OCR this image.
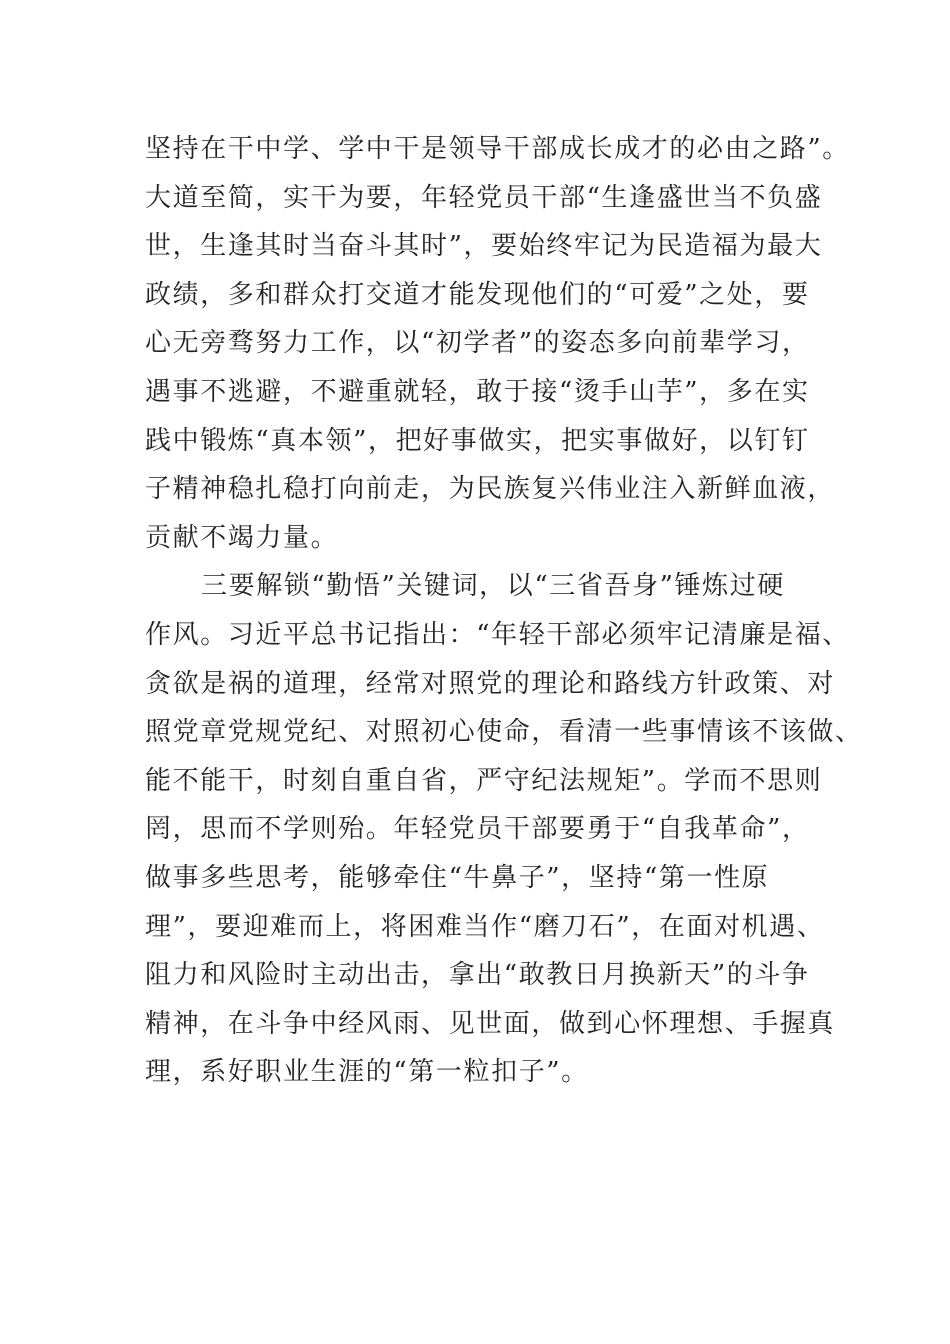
坚持在干中学、学中干是领导干部成长成才的必由之路”。
大道至简，实干为要，年轻党员干部“生逢盛世当不负盛
世，生逢其时当奋斗其时”，要始终牢记为民造福为最大
政绩，多和群众打交道才能发现他们的“可爱”之处，要
心无旁骛努力工作，以“初学者”的姿态多向前辈学习，
遇事不逃避，不避重就轻，敢于接“烫手山芋”，多在实
践中锻炼“真本领”，把好事做实，把实事做好，以钉钉
子精神稳扎稳打向前走，为民族复兴伟业注入新鲜血液，
贡献不竭力量。
三要解锁“勤悟”关键词，以“三省吾身”锤炼过硬
作风。习近平总书记指出：“年轻干部必须牢记清廉是福、
贪欲是祸的道理，经常对照党的理论和路线方针政策、对
照党章党规党纪、对照初心使命，看清一些事情该不该做、
能不能干，时刻自重自省，严守纪法规矩”。学而不思则
罔，思而不学则殆。年轻党员干部要勇于“自我革命”，
做事多些思考，能够牵住“牛鼻子”，坚持“第一性原
理”，要迎难而上，将困难当作“磨刀石”，在面对机遇、
阻力和风险时主动出击，拿出“敢教日月换新天”的斗争
精神，在斗争中经风雨、见世面，做到心怀理想、手握真
理，系好职业生涯的“第一粒扣子”。
